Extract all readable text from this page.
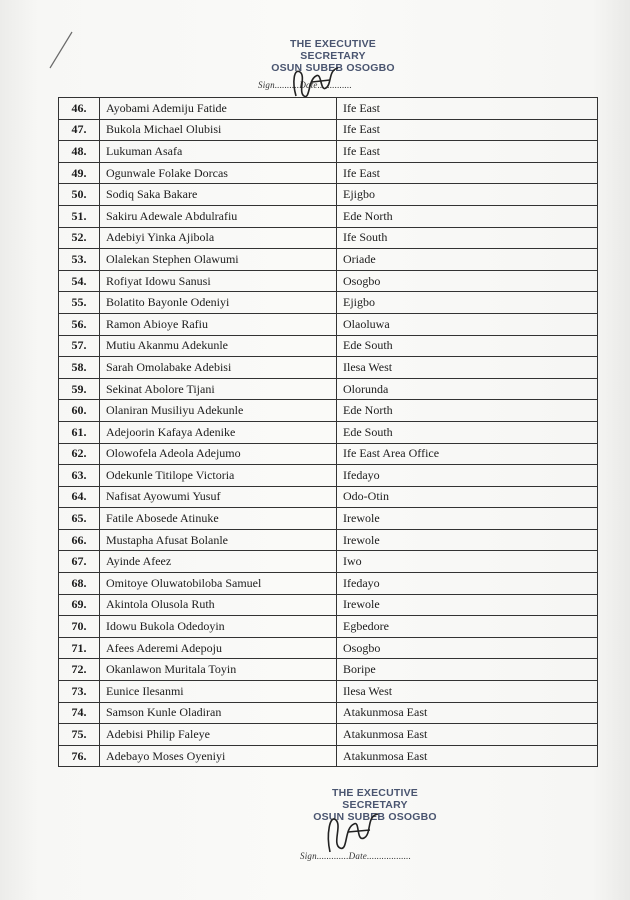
THE EXECUTIVE SECRETARY
OSUN SUBEB OSOGBO
Sign..........Date..............
46.	Ayobami Ademiju Fatide	Ife East
47.	Bukola Michael Olubisi	Ife East
48.	Lukuman Asafa	Ife East
49.	Ogunwale Folake Dorcas	Ife East
50.	Sodiq Saka Bakare	Ejigbo
51.	Sakiru Adewale Abdulrafiu	Ede North
52.	Adebiyi Yinka Ajibola	Ife South
53.	Olalekan Stephen Olawumi	Oriade
54.	Rofiyat Idowu Sanusi	Osogbo
55.	Bolatito Bayonle Odeniyi	Ejigbo
56.	Ramon Abioye Rafiu	Olaoluwa
57.	Mutiu Akanmu Adekunle	Ede South
58.	Sarah Omolabake Adebisi	Ilesa West
59.	Sekinat Abolore Tijani	Olorunda
60.	Olaniran Musiliyu Adekunle	Ede North
61.	Adejoorin Kafaya Adenike	Ede South
62.	Olowofela Adeola Adejumo	Ife East Area Office
63.	Odekunle Titilope Victoria	Ifedayo
64.	Nafisat Ayowumi Yusuf	Odo-Otin
65.	Fatile Abosede Atinuke	Irewole
66.	Mustapha Afusat Bolanle	Irewole
67.	Ayinde Afeez	Iwo
68.	Omitoye Oluwatobiloba Samuel	Ifedayo
69.	Akintola Olusola Ruth	Irewole
70.	Idowu Bukola Odedoyin	Egbedore
71.	Afees Aderemi Adepoju	Osogbo
72.	Okanlawon Muritala Toyin	Boripe
73.	Eunice Ilesanmi	Ilesa West
74.	Samson Kunle Oladiran	Atakunmosa East
75.	Adebisi Philip Faleye	Atakunmosa East
76.	Adebayo Moses Oyeniyi	Atakunmosa East
THE EXECUTIVE SECRETARY
OSUN SUBEB OSOGBO
Sign.............Date..................
